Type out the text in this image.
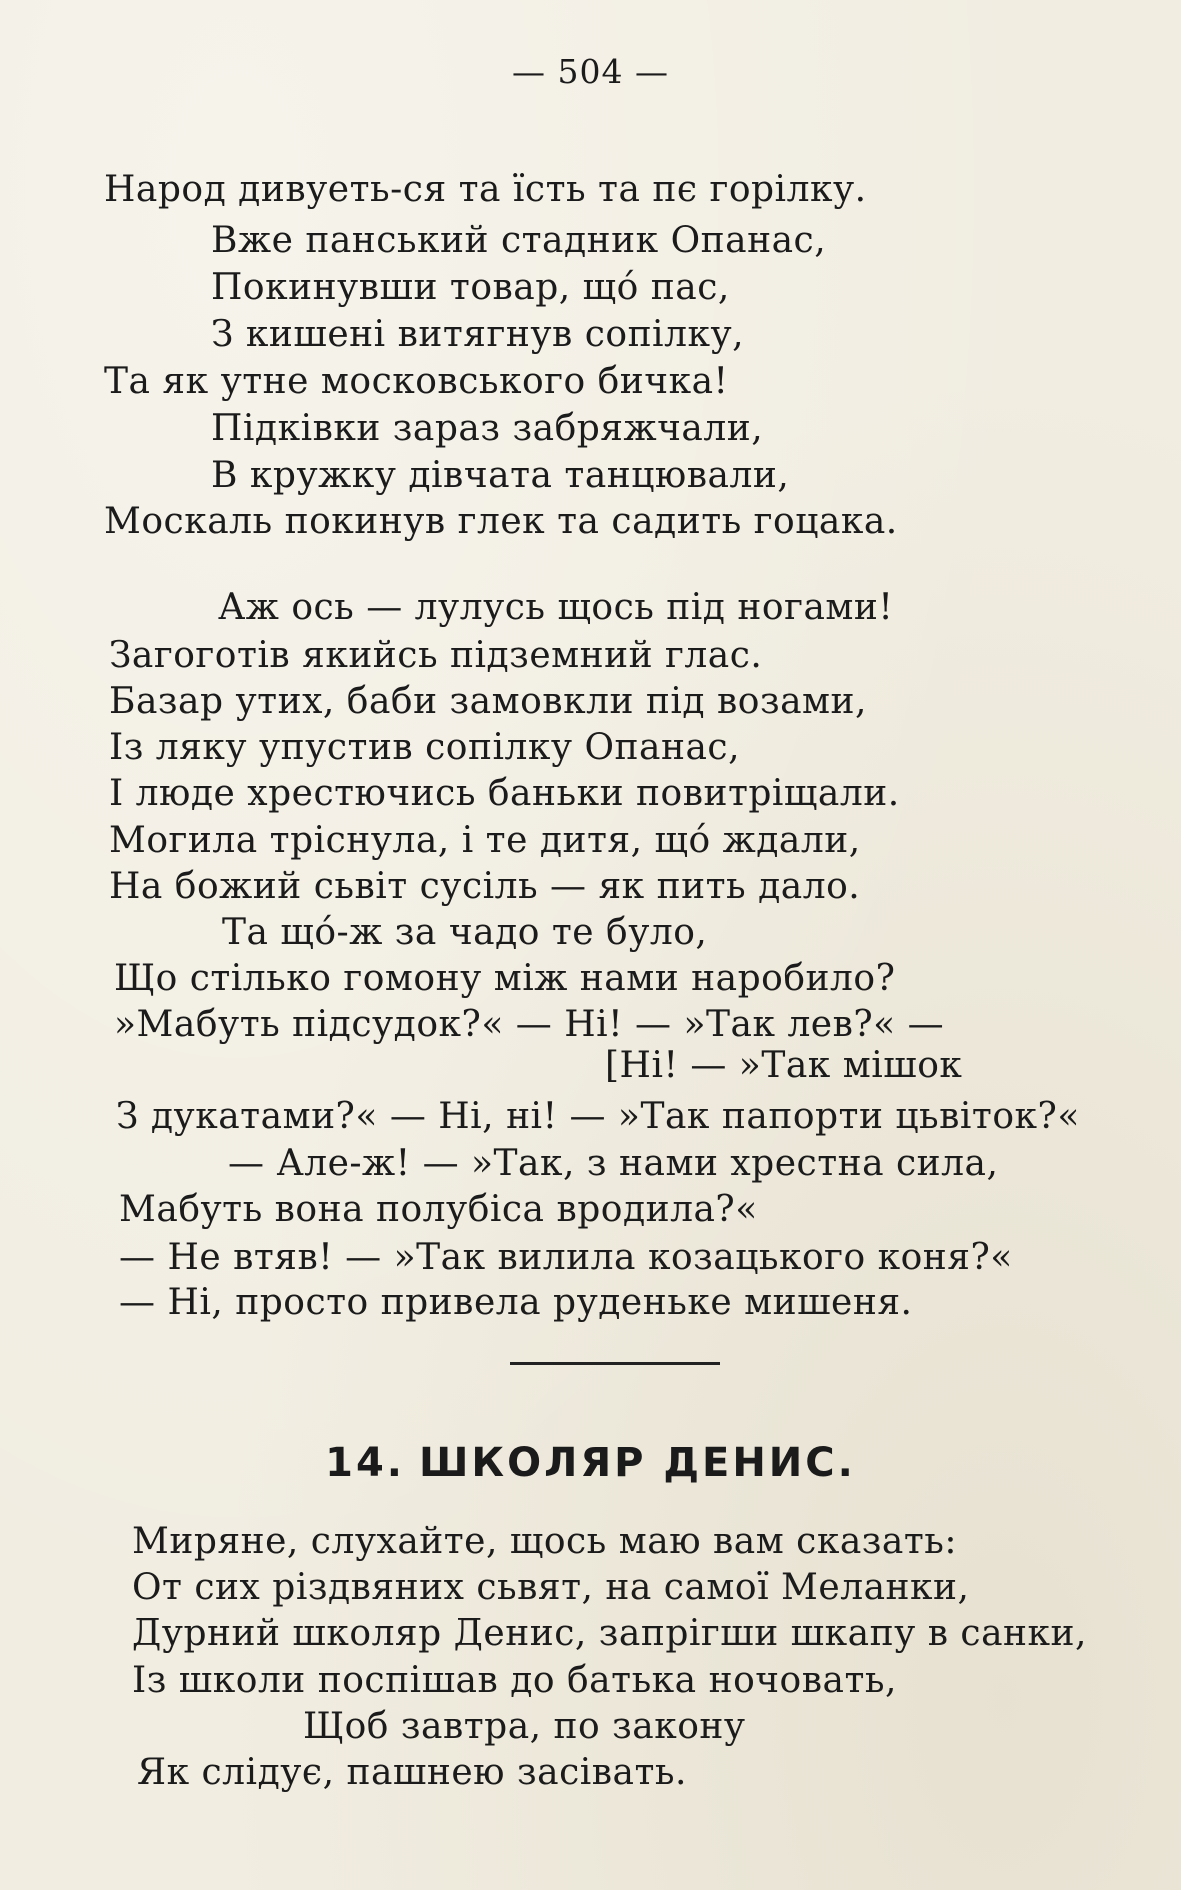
— 504 —
Народ дивуеть-ся та їсть та пє горілку.
Вже панський стадник Опанас,
Покинувши товар, щó пас,
З кишені витягнув сопілку,
Та як утне московського бичка!
Підківки зараз забряжчали,
В кружку дівчата танцювали,
Москаль покинув глек та садить гоцака.
Аж ось — лулусь щось під ногами!
Загоготів якийсь підземний глас.
Базар утих, баби замовкли під возами,
Із ляку упустив сопілку Опанас,
І люде хрестючись баньки повитріщали.
Могила тріснула, і те дитя, щó ждали,
На божий сьвіт сусіль — як пить дало.
Та щó-ж за чадо те було,
Що стілько гомону між нами наробило?
»Мабуть підсудок?« — Ні! — »Так лев?« —
[Ні! — »Так мішок
З дукатами?« — Ні, ні! — »Так папорти цьвіток?«
— Але-ж! — »Так, з нами хрестна сила,
Мабуть вона полубіса вродила?«
— Не втяв! — »Так вилила козацького коня?«
— Ні, просто привела руденьке мишеня.
14. ШКОЛЯР ДЕНИС.
Миряне, слухайте, щось маю вам сказать:
От сих різдвяних сьвят, на самої Меланки,
Дурний школяр Денис, запрігши шкапу в санки,
Із школи поспішав до батька ночовать,
Щоб завтра, по закону
Як слідує, пашнею засівать.
